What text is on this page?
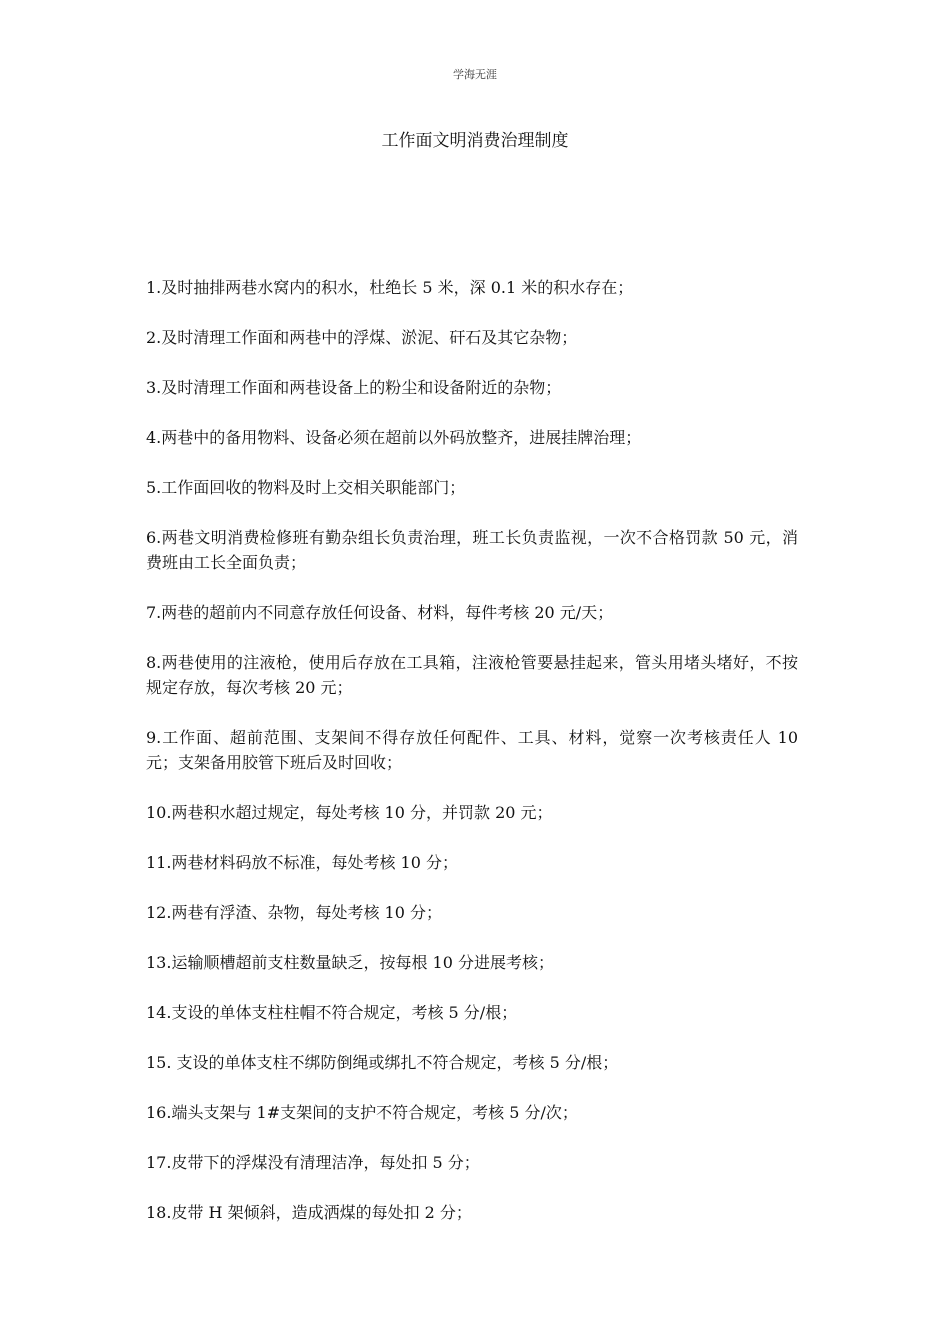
学海无涯
工作面文明消费治理制度

1.及时抽排两巷水窝内的积水，杜绝长 5 米，深 0.1 米的积水存在；

2.及时清理工作面和两巷中的浮煤、淤泥、矸石及其它杂物；

3.及时清理工作面和两巷设备上的粉尘和设备附近的杂物；

4.两巷中的备用物料、设备必须在超前以外码放整齐，进展挂牌治理；

5.工作面回收的物料及时上交相关职能部门；

6.两巷文明消费检修班有勤杂组长负责治理，班工长负责监视，一次不合格罚款 50 元，消费班由工长全面负责；

7.两巷的超前内不同意存放任何设备、材料，每件考核 20 元/天；

8.两巷使用的注液枪，使用后存放在工具箱，注液枪管要悬挂起来，管头用堵头堵好，不按规定存放，每次考核 20 元；

9.工作面、超前范围、支架间不得存放任何配件、工具、材料，觉察一次考核责任人 10 元；支架备用胶管下班后及时回收；

10.两巷积水超过规定，每处考核 10 分，并罚款 20 元；

11.两巷材料码放不标准，每处考核 10 分；

12.两巷有浮渣、杂物，每处考核 10 分；

13.运输顺槽超前支柱数量缺乏，按每根 10 分进展考核；

14.支设的单体支柱柱帽不符合规定，考核 5 分/根；

15. 支设的单体支柱不绑防倒绳或绑扎不符合规定，考核 5 分/根；

16.端头支架与 1#支架间的支护不符合规定，考核 5 分/次；

17.皮带下的浮煤没有清理洁净，每处扣 5 分；

18.皮带 H 架倾斜，造成洒煤的每处扣 2 分；
